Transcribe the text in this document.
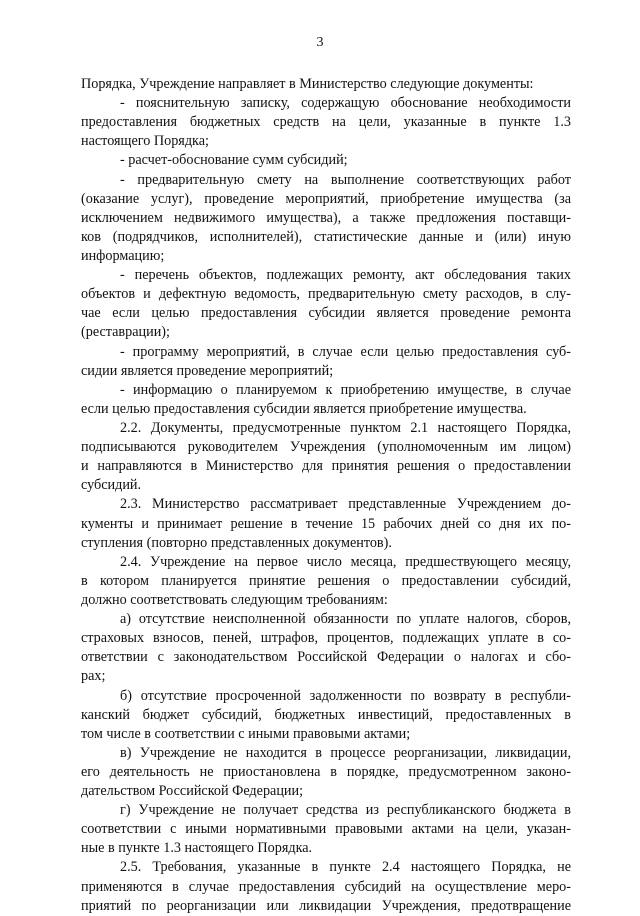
3
Порядка, Учреждение направляет в Министерство следующие документы:
- пояснительную записку, содержащую обоснование необходимости
предоставления бюджетных средств на цели, указанные в пункте 1.3
настоящего Порядка;
- расчет-обоснование сумм субсидий;
- предварительную смету на выполнение соответствующих работ
(оказание услуг), проведение мероприятий, приобретение имущества (за
исключением недвижимого имущества), а также предложения поставщи-
ков (подрядчиков, исполнителей), статистические данные и (или) иную
информацию;
- перечень объектов, подлежащих ремонту, акт обследования таких
объектов и дефектную ведомость, предварительную смету расходов, в слу-
чае если целью предоставления субсидии является проведение ремонта
(реставрации);
- программу мероприятий, в случае если целью предоставления суб-
сидии является проведение мероприятий;
- информацию о планируемом к приобретению имуществе, в случае
если целью предоставления субсидии является приобретение имущества.
2.2. Документы, предусмотренные пунктом 2.1 настоящего Порядка,
подписываются руководителем Учреждения (уполномоченным им лицом)
и направляются в Министерство для принятия решения о предоставлении
субсидий.
2.3. Министерство рассматривает представленные Учреждением до-
кументы и принимает решение в течение 15 рабочих дней со дня их по-
ступления (повторно представленных документов).
2.4. Учреждение на первое число месяца, предшествующего месяцу,
в котором планируется принятие решения о предоставлении субсидий,
должно соответствовать следующим требованиям:
а) отсутствие неисполненной обязанности по уплате налогов, сборов,
страховых взносов, пеней, штрафов, процентов, подлежащих уплате в со-
ответствии с законодательством Российской Федерации о налогах и сбо-
рах;
б) отсутствие просроченной задолженности по возврату в республи-
канский бюджет субсидий, бюджетных инвестиций, предоставленных в
том числе в соответствии с иными правовыми актами;
в) Учреждение не находится в процессе реорганизации, ликвидации,
его деятельность не приостановлена в порядке, предусмотренном законо-
дательством Российской Федерации;
г) Учреждение не получает средства из республиканского бюджета в
соответствии с иными нормативными правовыми актами на цели, указан-
ные в пункте 1.3 настоящего Порядка.
2.5. Требования, указанные в пункте 2.4 настоящего Порядка, не
применяются в случае предоставления субсидий на осуществление меро-
приятий по реорганизации или ликвидации Учреждения, предотвращение
